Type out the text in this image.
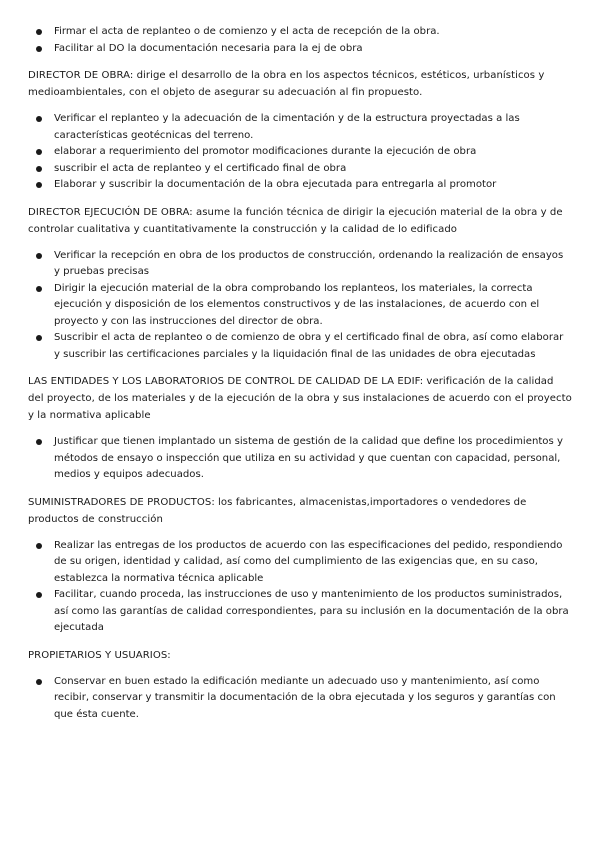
Firmar el acta de replanteo o de comienzo y el acta de recepción de la obra.
Facilitar al DO la documentación necesaria para la ej de obra

DIRECTOR DE OBRA: dirige el desarrollo de la obra en los aspectos técnicos, estéticos, urbanísticos y medioambientales, con el objeto de asegurar su adecuación al fin propuesto.

Verificar el replanteo y la adecuación de la cimentación y de la estructura proyectadas a las características geotécnicas del terreno.
elaborar a requerimiento del promotor modificaciones durante la ejecución de obra
suscribir el acta de replanteo y el certificado final de obra
Elaborar y suscribir la documentación de la obra ejecutada para entregarla al promotor

DIRECTOR EJECUCIÓN DE OBRA: asume la función técnica de dirigir la ejecución material de la obra y de controlar cualitativa y cuantitativamente la construcción y la calidad de lo edificado

Verificar la recepción en obra de los productos de construcción, ordenando la realización de ensayos y pruebas precisas
Dirigir la ejecución material de la obra comprobando los replanteos, los materiales, la correcta ejecución y disposición de los elementos constructivos y de las instalaciones, de acuerdo con el proyecto y con las instrucciones del director de obra.
Suscribir el acta de replanteo o de comienzo de obra y el certificado final de obra, así como elaborar y suscribir las certificaciones parciales y la liquidación final de las unidades de obra ejecutadas

LAS ENTIDADES Y LOS LABORATORIOS DE CONTROL DE CALIDAD DE LA EDIF: verificación de la calidad del proyecto, de los materiales y de la ejecución de la obra y sus instalaciones de acuerdo con el proyecto y la normativa aplicable

Justificar que tienen implantado un sistema de gestión de la calidad que define los procedimientos y métodos de ensayo o inspección que utiliza en su actividad y que cuentan con capacidad, personal, medios y equipos adecuados.

SUMINISTRADORES DE PRODUCTOS: los fabricantes, almacenistas,importadores o vendedores de productos de construcción

Realizar las entregas de los productos de acuerdo con las especificaciones del pedido, respondiendo de su origen, identidad y calidad, así como del cumplimiento de las exigencias que, en su caso, establezca la normativa técnica aplicable
Facilitar, cuando proceda, las instrucciones de uso y mantenimiento de los productos suministrados, así como las garantías de calidad correspondientes, para su inclusión en la documentación de la obra ejecutada

PROPIETARIOS Y USUARIOS:

Conservar en buen estado la edificación mediante un adecuado uso y mantenimiento, así como recibir, conservar y transmitir la documentación de la obra ejecutada y los seguros y garantías con que ésta cuente.
